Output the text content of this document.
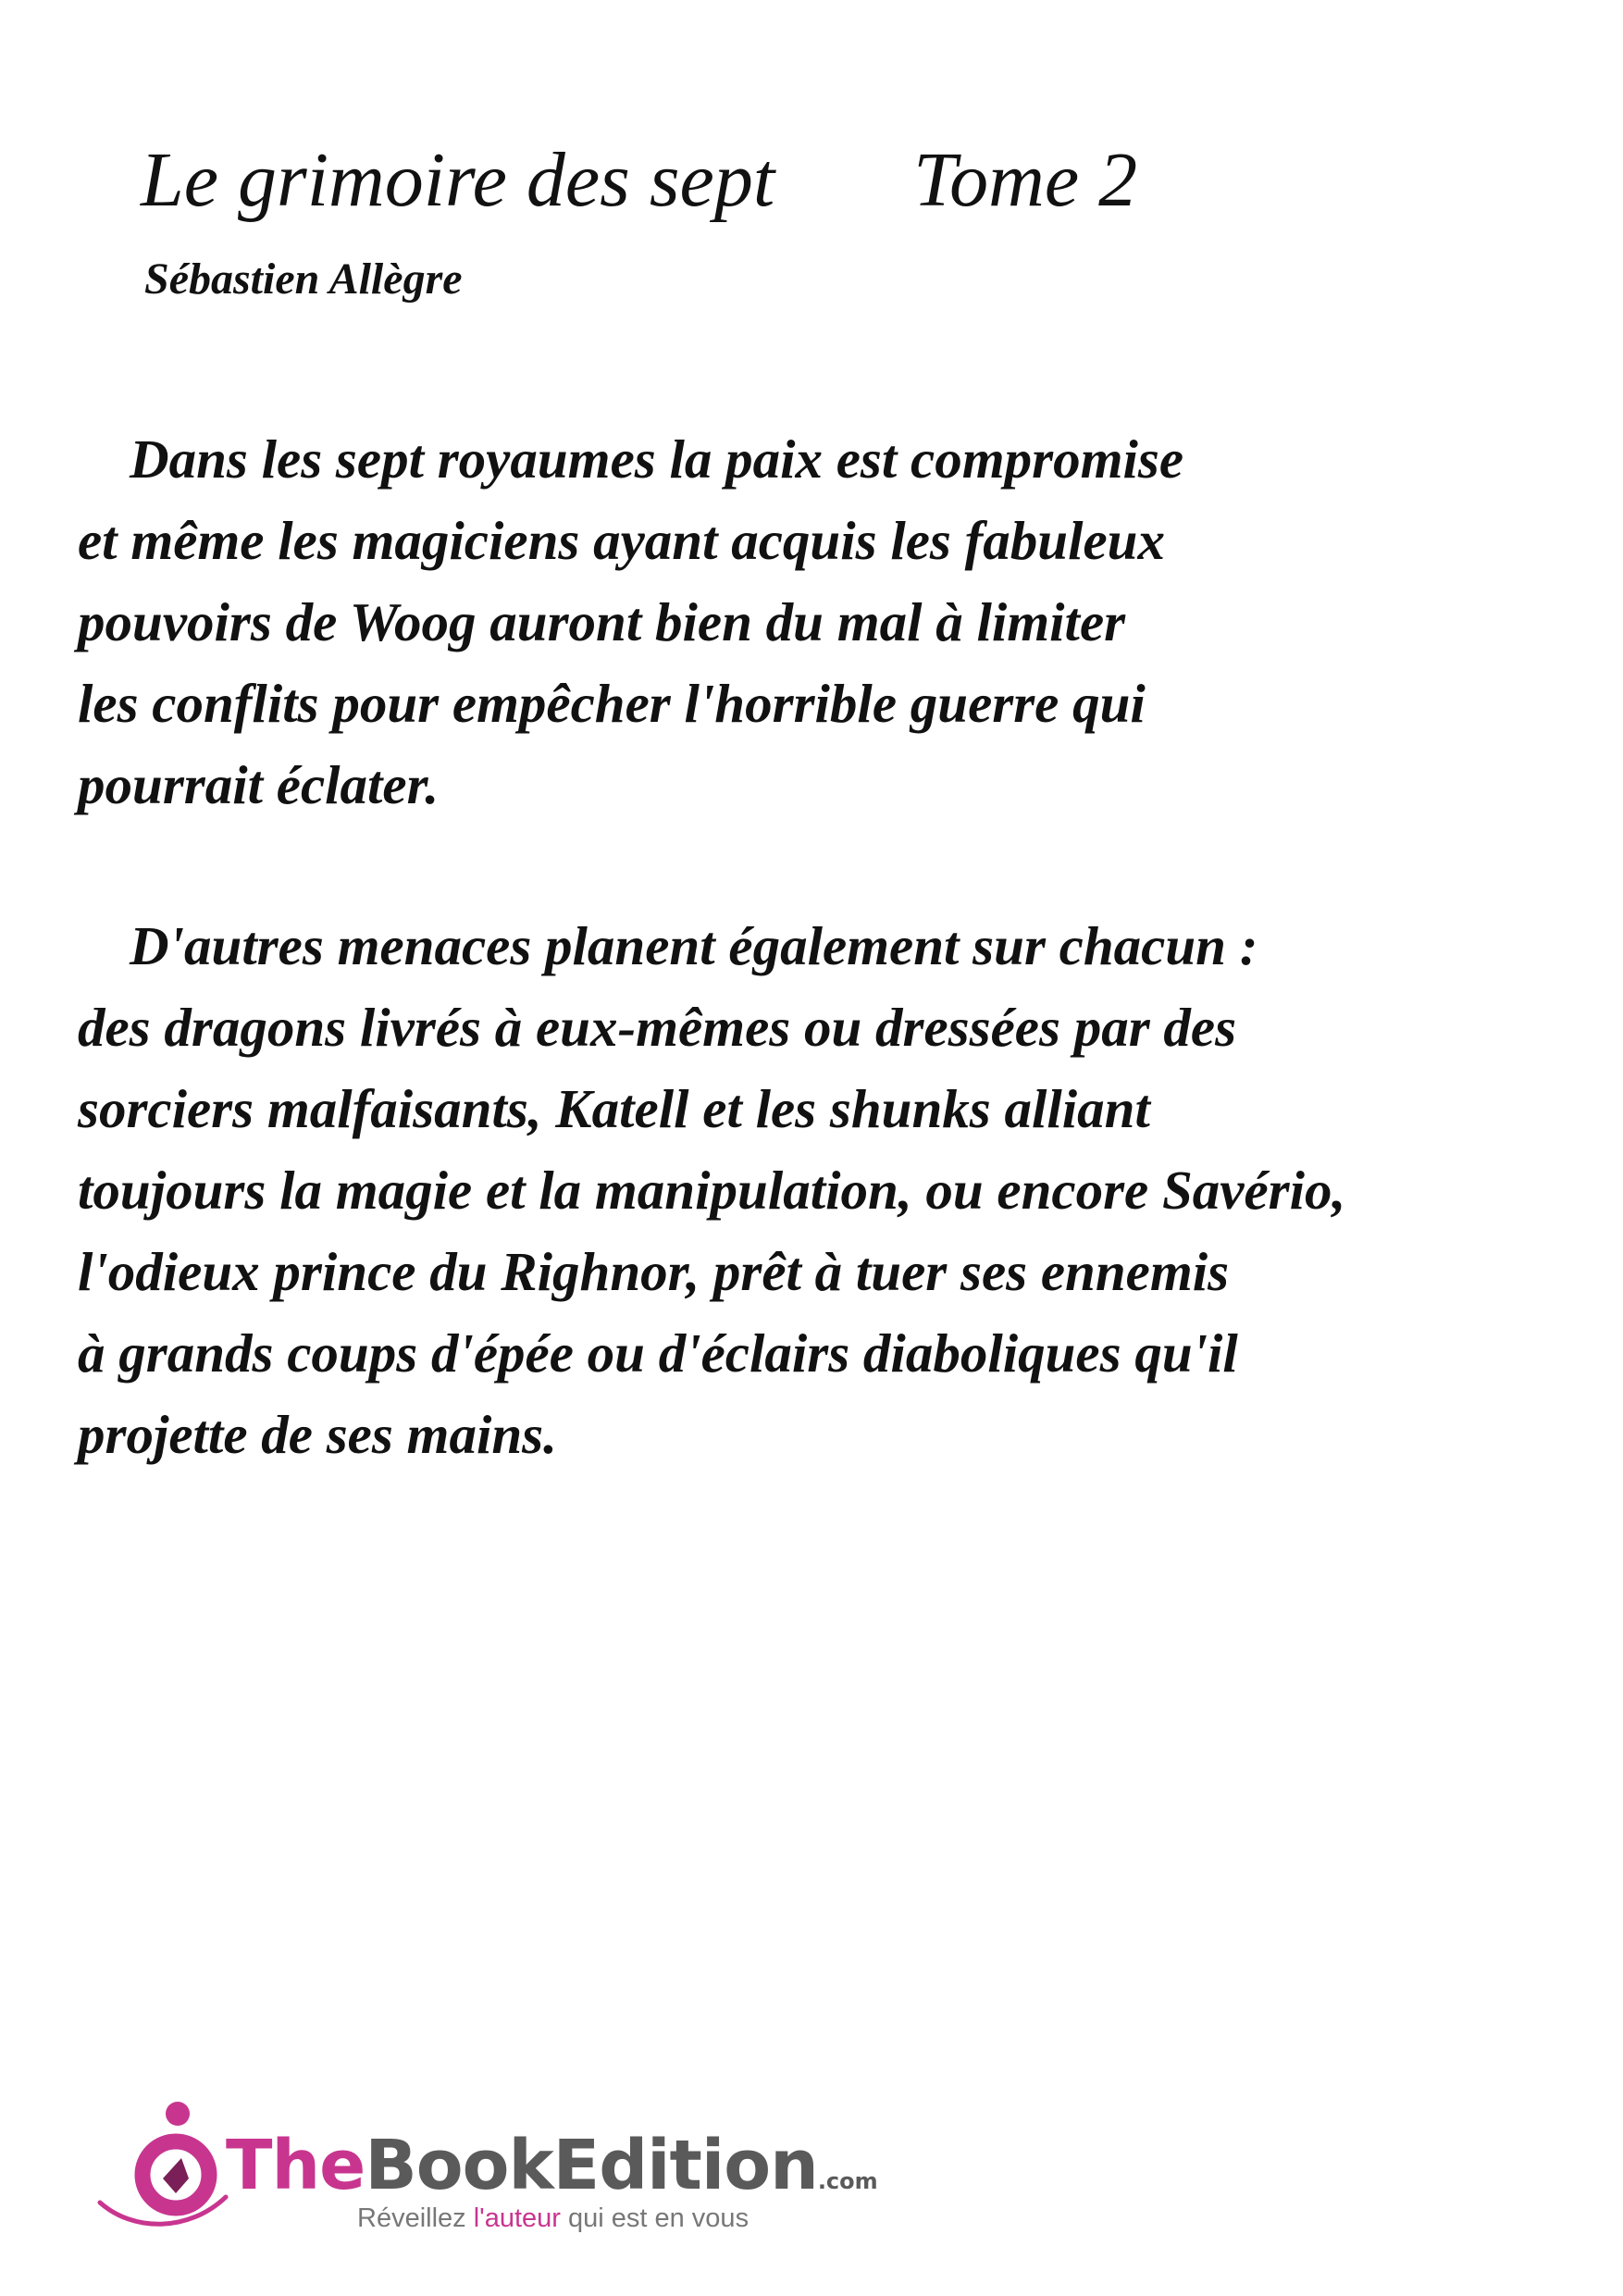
Le grimoire des sept Tome 2
Sébastien Allègre
Dans les sept royaumes la paix est compromise
et même les magiciens ayant acquis les fabuleux
pouvoirs de Woog auront bien du mal à limiter
les conflits pour empêcher l'horrible guerre qui
pourrait éclater.
D'autres menaces planent également sur chacun :
des dragons livrés à eux-mêmes ou dressées par des
sorciers malfaisants, Katell et les shunks alliant
toujours la magie et la manipulation, ou encore Savério,
l'odieux prince du Righnor, prêt à tuer ses ennemis
à grands coups d'épée ou d'éclairs diaboliques qu'il
projette de ses mains.
TheBookEdition.com
Réveillez l'auteur qui est en vous
